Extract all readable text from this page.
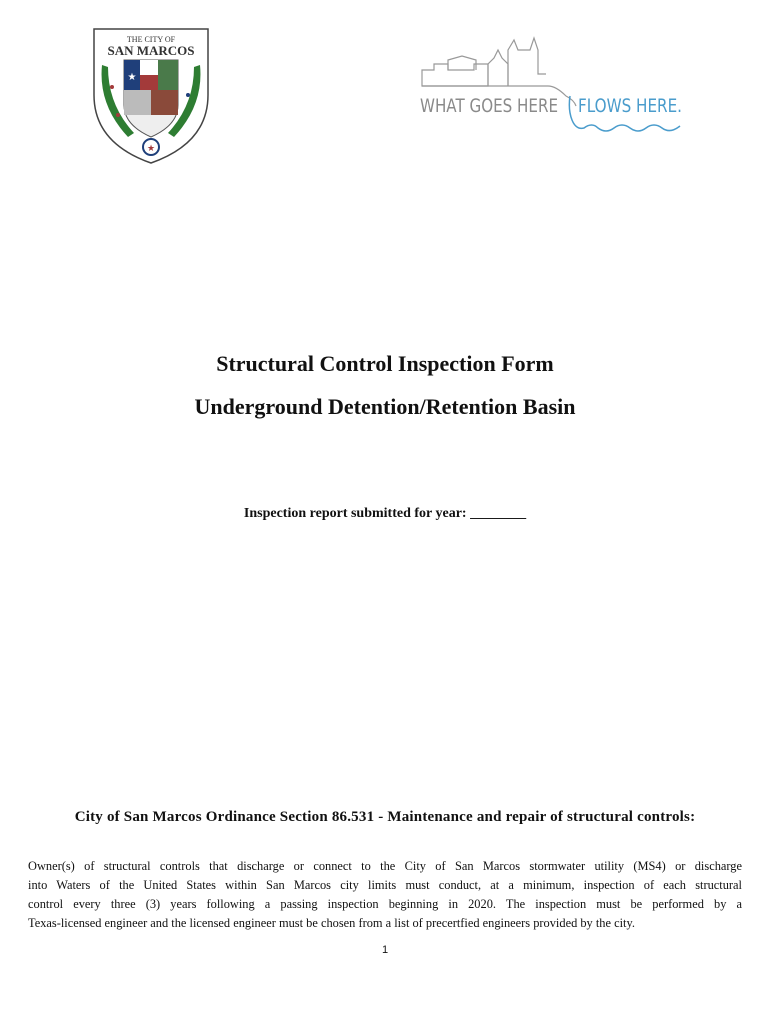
THE CITY OF
SAN MARCOS
★
★
WHAT GOES HERE FLOWS HERE.
Structural Control Inspection Form
Underground Detention/Retention Basin
Inspection report submitted for year: ________
City of San Marcos Ordinance Section 86.531 - Maintenance and repair of structural controls:
Owner(s) of structural controls that discharge or connect to the City of San Marcos stormwater utility (MS4) or discharge
into Waters of the United States within San Marcos city limits must conduct, at a minimum, inspection of each structural
control every three (3) years following a passing inspection beginning in 2020. The inspection must be performed by a
Texas-licensed engineer and the licensed engineer must be chosen from a list of precertfied engineers provided by the city.
1
